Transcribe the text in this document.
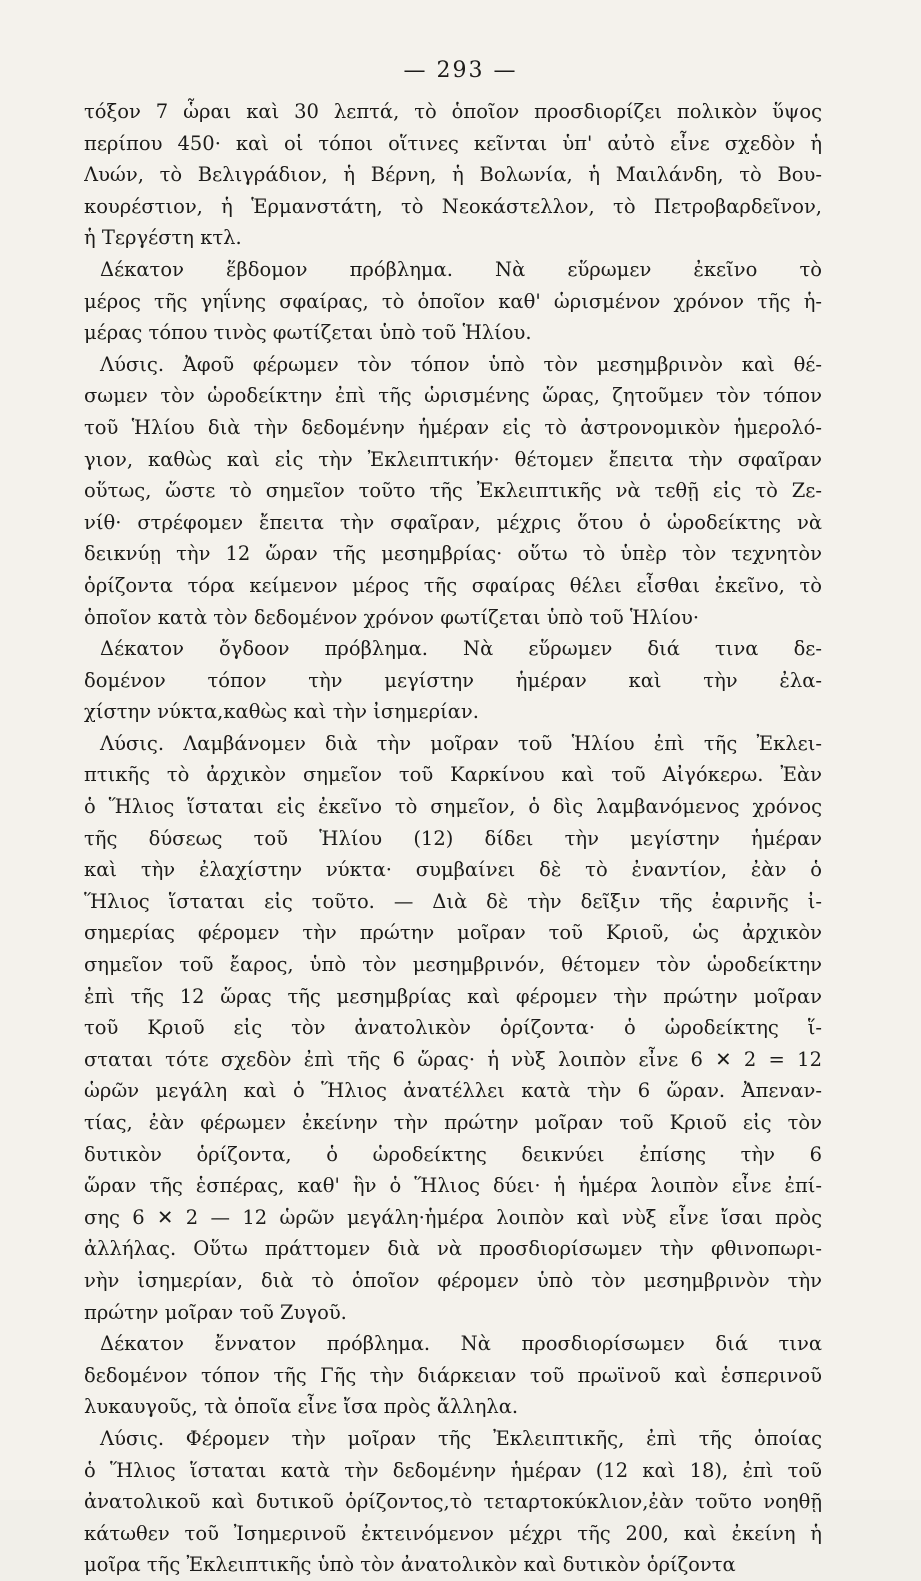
— 293 —
τόξον 7 ὧραι καὶ 30 λεπτά, τὸ ὁποῖον προσδιορίζει πολικὸν ὕψος
περίπου 450· καὶ οἱ τόποι οἵτινες κεῖνται ὑπ' αὐτὸ εἶνε σχεδὸν ἡ
Λυών, τὸ Βελιγράδιον, ἡ Βέρνη, ἡ Βολωνία, ἡ Μαιλάνδη, τὸ Βου-
κουρέστιον, ἡ Ἑρμανστάτη, τὸ Νεοκάστελλον, τὸ Πετροβαρδεῖνον,
ἡ Τεργέστη κτλ.
Δέκατον ἕβδομον πρόβλημα. Νὰ εὕρωμεν ἐκεῖνο τὸ
μέρος τῆς γηΐνης σφαίρας, τὸ ὁποῖον καθ' ὡρισμένον χρόνον τῆς ἡ-
μέρας τόπου τινὸς φωτίζεται ὑπὸ τοῦ Ἡλίου.
Λύσις. Ἀφοῦ φέρωμεν τὸν τόπον ὑπὸ τὸν μεσημβρινὸν καὶ θέ-
σωμεν τὸν ὡροδείκτην ἐπὶ τῆς ὡρισμένης ὥρας, ζητοῦμεν τὸν τόπον
τοῦ Ἡλίου διὰ τὴν δεδομένην ἡμέραν εἰς τὸ ἀστρονομικὸν ἡμερολό-
γιον, καθὼς καὶ εἰς τὴν Ἐκλειπτικήν· θέτομεν ἔπειτα τὴν σφαῖραν
οὕτως, ὥστε τὸ σημεῖον τοῦτο τῆς Ἐκλειπτικῆς νὰ τεθῇ εἰς τὸ Ζε-
νίθ· στρέφομεν ἔπειτα τὴν σφαῖραν, μέχρις ὅτου ὁ ὡροδείκτης νὰ
δεικνύῃ τὴν 12 ὥραν τῆς μεσημβρίας· οὕτω τὸ ὑπὲρ τὸν τεχνητὸν
ὁρίζοντα τόρα κείμενον μέρος τῆς σφαίρας θέλει εἶσθαι ἐκεῖνο, τὸ
ὁποῖον κατὰ τὸν δεδομένον χρόνον φωτίζεται ὑπὸ τοῦ Ἡλίου·
Δέκατον ὄγδοον πρόβλημα. Νὰ εὕρωμεν διά τινα δε-
δομένον τόπον τὴν μεγίστην ἡμέραν καὶ τὴν ἐλα-
χίστην νύκτα,καθὼς καὶ τὴν ἰσημερίαν.
Λύσις. Λαμβάνομεν διὰ τὴν μοῖραν τοῦ Ἡλίου ἐπὶ τῆς Ἐκλει-
πτικῆς τὸ ἀρχικὸν σημεῖον τοῦ Καρκίνου καὶ τοῦ Αἰγόκερω. Ἐὰν
ὁ Ἥλιος ἵσταται εἰς ἐκεῖνο τὸ σημεῖον, ὁ δὶς λαμβανόμενος χρόνος
τῆς δύσεως τοῦ Ἡλίου (12) δίδει τὴν μεγίστην ἡμέραν
καὶ τὴν ἐλαχίστην νύκτα· συμβαίνει δὲ τὸ ἐναντίον, ἐὰν ὁ
Ἥλιος ἵσταται εἰς τοῦτο. — Διὰ δὲ τὴν δεῖξιν τῆς ἐαρινῆς ἰ-
σημερίας φέρομεν τὴν πρώτην μοῖραν τοῦ Κριοῦ, ὡς ἀρχικὸν
σημεῖον τοῦ ἔαρος, ὑπὸ τὸν μεσημβρινόν, θέτομεν τὸν ὡροδείκτην
ἐπὶ τῆς 12 ὥρας τῆς μεσημβρίας καὶ φέρομεν τὴν πρώτην μοῖραν
τοῦ Κριοῦ εἰς τὸν ἀνατολικὸν ὁρίζοντα· ὁ ὡροδείκτης ἵ-
σταται τότε σχεδὸν ἐπὶ τῆς 6 ὥρας· ἡ νὺξ λοιπὸν εἶνε 6 ✕ 2 = 12
ὡρῶν μεγάλη καὶ ὁ Ἥλιος ἀνατέλλει κατὰ τὴν 6 ὥραν. Ἀπεναν-
τίας, ἐὰν φέρωμεν ἐκείνην τὴν πρώτην μοῖραν τοῦ Κριοῦ εἰς τὸν
δυτικὸν ὁρίζοντα, ὁ ὡροδείκτης δεικνύει ἐπίσης τὴν 6
ὥραν τῆς ἑσπέρας, καθ' ἣν ὁ Ἥλιος δύει· ἡ ἡμέρα λοιπὸν εἶνε ἐπί-
σης 6 ✕ 2 — 12 ὡρῶν μεγάλη·ἡμέρα λοιπὸν καὶ νὺξ εἶνε ἴσαι πρὸς
ἀλλήλας. Οὕτω πράττομεν διὰ νὰ προσδιορίσωμεν τὴν φθινοπωρι-
νὴν ἰσημερίαν, διὰ τὸ ὁποῖον φέρομεν ὑπὸ τὸν μεσημβρινὸν τὴν
πρώτην μοῖραν τοῦ Ζυγοῦ.
Δέκατον ἔννατον πρόβλημα. Νὰ προσδιορίσωμεν διά τινα
δεδομένον τόπον τῆς Γῆς τὴν διάρκειαν τοῦ πρωϊνοῦ καὶ ἑσπερινοῦ
λυκαυγοῦς, τὰ ὁποῖα εἶνε ἴσα πρὸς ἄλληλα.
Λύσις. Φέρομεν τὴν μοῖραν τῆς Ἐκλειπτικῆς, ἐπὶ τῆς ὁποίας
ὁ Ἥλιος ἵσταται κατὰ τὴν δεδομένην ἡμέραν (12 καὶ 18), ἐπὶ τοῦ
ἀνατολικοῦ καὶ δυτικοῦ ὁρίζοντος,τὸ τεταρτοκύκλιον,ἐὰν τοῦτο νοηθῇ
κάτωθεν τοῦ Ἰσημερινοῦ ἐκτεινόμενον μέχρι τῆς 200, καὶ ἐκείνη ἡ
μοῖρα τῆς Ἐκλειπτικῆς ὑπὸ τὸν ἀνατολικὸν καὶ δυτικὸν ὁρίζοντα
